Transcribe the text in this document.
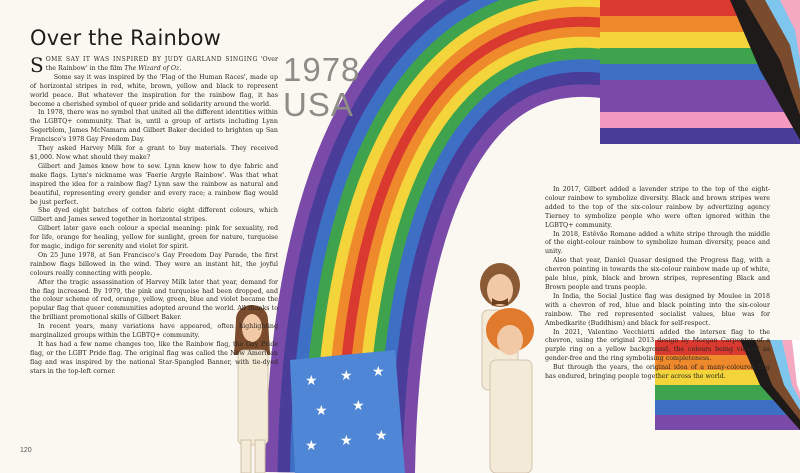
★ ★ ★
★ ★
★ ★ ★
Over the Rainbow
1978
USA

SOME SAY IT WAS INSPIRED BY JUDY GARLAND SINGING 'Over the Rainbow' in the film The Wizard of Oz.

Some say it was inspired by the 'Flag of the Human Races', made up of horizontal stripes in red, white, brown, yellow and black to represent world peace. But whatever the inspiration for the rainbow flag, it has become a cherished symbol of queer pride and solidarity around the world.

In 1978, there was no symbol that united all the different identities within the LGBTQ+ community. That is, until a group of artists including Lynn Segerblom, James McNamara and Gilbert Baker decided to brighten up San Francisco's 1978 Gay Freedom Day.

They asked Harvey Milk for a grant to buy materials. They received $1,000. Now what should they make?

Gilbert and James knew how to sew. Lynn knew how to dye fabric and make flags. Lynn's nickname was 'Faerie Argyle Rainbow'. Was that what inspired the idea for a rainbow flag? Lynn saw the rainbow as natural and beautiful, representing every gender and every race; a rainbow flag would be just perfect.

She dyed eight batches of cotton fabric eight different colours, which Gilbert and James sewed together in horizontal stripes.

Gilbert later gave each colour a special meaning: pink for sexuality, red for life, orange for healing, yellow for sunlight, green for nature, turquoise for magic, indigo for serenity and violet for spirit.

On 25 June 1978, at San Francisco's Gay Freedom Day Parade, the first rainbow flags billowed in the wind. They were an instant hit, the joyful colours really connecting with people.

After the tragic assassination of Harvey Milk later that year, demand for the flag increased. By 1979, the pink and turquoise had been dropped, and the colour scheme of red, orange, yellow, green, blue and violet became the popular flag that queer communities adopted around the world. All thanks to the brilliant promotional skills of Gilbert Baker.

In recent years, many variations have appeared, often highlighting marginalized groups within the LGBTQ+ community.

It has had a few name changes too, like the Rainbow flag, the Gay Pride flag, or the LGBT Pride flag. The original flag was called the New American flag and was inspired by the national Star-Spangled Banner, with tie-dyed stars in the top-left corner.

In 2017, Gilbert added a lavender stripe to the top of the eight-colour rainbow to symbolize diversity. Black and brown stripes were added to the top of the six-colour rainbow by advertizing agency Tierney to symbolize people who were often ignored within the LGBTQ+ community.

In 2018, Estêvão Romane added a white stripe through the middle of the eight-colour rainbow to symbolize human diversity, peace and unity.

Also that year, Daniel Quasar designed the Progress flag, with a chevron pointing in towards the six-colour rainbow made up of white, pale blue, pink, black and brown stripes, representing Black and Brown people and trans people.

In India, the Social Justice flag was designed by Moulee in 2018 with a chevron of red, blue and black pointing into the six-colour rainbow. The red represented socialist values, blue was for Ambedkarite (Buddhism) and black for self-respect.

In 2021, Valentino Vecchietti added the intersex flag to the chevron, using the original 2013 design by Morgan Carpenter of a purple ring on a yellow background, the colours being viewed as gender-free and the ring symbolising completeness.

But through the years, the original idea of a many-coloured flag has endured, bringing people together across the world.

120
